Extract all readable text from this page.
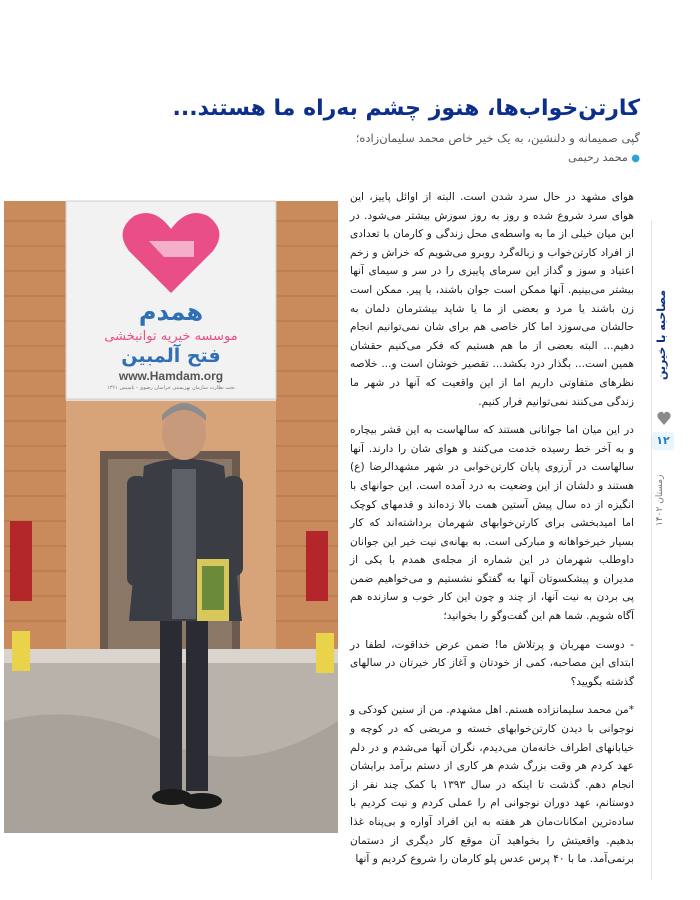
کارتن‌خواب‌ها، هنوز چشم به‌راه ما هستند...
گپی صمیمانه و دلنشین، به یک خیر خاص محمد سلیمان‌زاده؛
● محمد رحیمی
همدم
موسسه خیریه توانبخشی
فتح آلمبین
www.Hamdam.org
تحت نظارت سازمان بهزیستی خراسان رضوی - تاسیس ۱۳۶۱

هوای مشهد در حال سرد شدن است. البته از اوائل پاییز، این هوای سرد شروع شده و روز به روز سوزش بیشتر می‌شود. در این میان خیلی از ما به واسطه‌ی محل زندگی و کارمان با تعدادی از افراد کارتن‌خواب و زباله‌گرد روبرو می‌شویم که خراش و زخم اعتیاد و سوز و گداز این سرمای پاییزی را در سر و سیمای آنها بیشتر می‌بینیم. آنها ممکن است جوان باشند، یا پیر. ممکن است زن باشند یا مرد و بعضی از ما یا شاید بیشترمان دلمان به حالشان می‌سوزد اما کار خاصی هم برای شان نمی‌توانیم انجام دهیم... البته بعضی از ما هم هستیم که فکر می‌کنیم حقشان همین است... بگذار درد بکشد... تقصیر خوشان است و... خلاصه نظرهای متفاوتی داریم اما از این واقعیت که آنها در شهر ما زندگی می‌کنند نمی‌توانیم فرار کنیم.

در این میان اما جوانانی هستند که سالهاست به این قشر بیچاره و به آخر خط رسیده خدمت می‌کنند و هوای شان را دارند. آنها سالهاست در آرزوی پایان کارتن‌خوابی در شهر مشهدالرضا (ع) هستند و دلشان از این وضعیت به درد آمده است. این جوانهای با انگیزه از ده سال پیش آستین همت بالا زده‌اند و قدمهای کوچک اما امیدبخشی برای کارتن‌خوابهای شهرمان برداشته‌اند که کار بسیار خیرخواهانه و مبارکی است. به بهانه‌ی نیت خیر این جوانان داوطلب شهرمان در این شماره از مجله‌ی همدم با یکی از مدیران و پیشکسوتان آنها به گفتگو نشستیم و می‌خواهیم ضمن پی بردن به نیت آنها، از چند و چون این کار خوب و سازنده هم آگاه شویم. شما هم این گفت‌وگو را بخوانید؛

- دوست مهربان و پرتلاش ما! ضمن عرض خداقوت، لطفا در ابتدای این مصاحبه، کمی از خودتان و آغاز کار خیرتان در سالهای گذشته بگویید؟

*من محمد سلیمانزاده هستم. اهل مشهدم. من از سنین کودکی و نوجوانی با دیدن کارتن‌خوابهای خسته و مریضی که در کوچه و خیابانهای اطراف خانه‌مان می‌دیدم، نگران آنها می‌شدم و در دلم عهد کردم هر وقت بزرگ شدم هر کاری از دستم برآمد برایشان انجام دهم. گذشت تا اینکه در سال ۱۳۹۳ با کمک چند نفر از دوستانم، عهد دوران نوجوانی ام را عملی کردم و نیت کردیم با ساده‌ترین امکانات‌مان هر هفته به این افراد آواره و بی‌پناه غذا بدهیم. واقعیتش را بخواهید آن موقع کار دیگری از دستمان برنمی‌آمد. ما با ۴۰ پرس عدس پلو کارمان را شروع کردیم و آنها

مصاحبه با خیرین
۱۲
زمستان ۱۴۰۲
